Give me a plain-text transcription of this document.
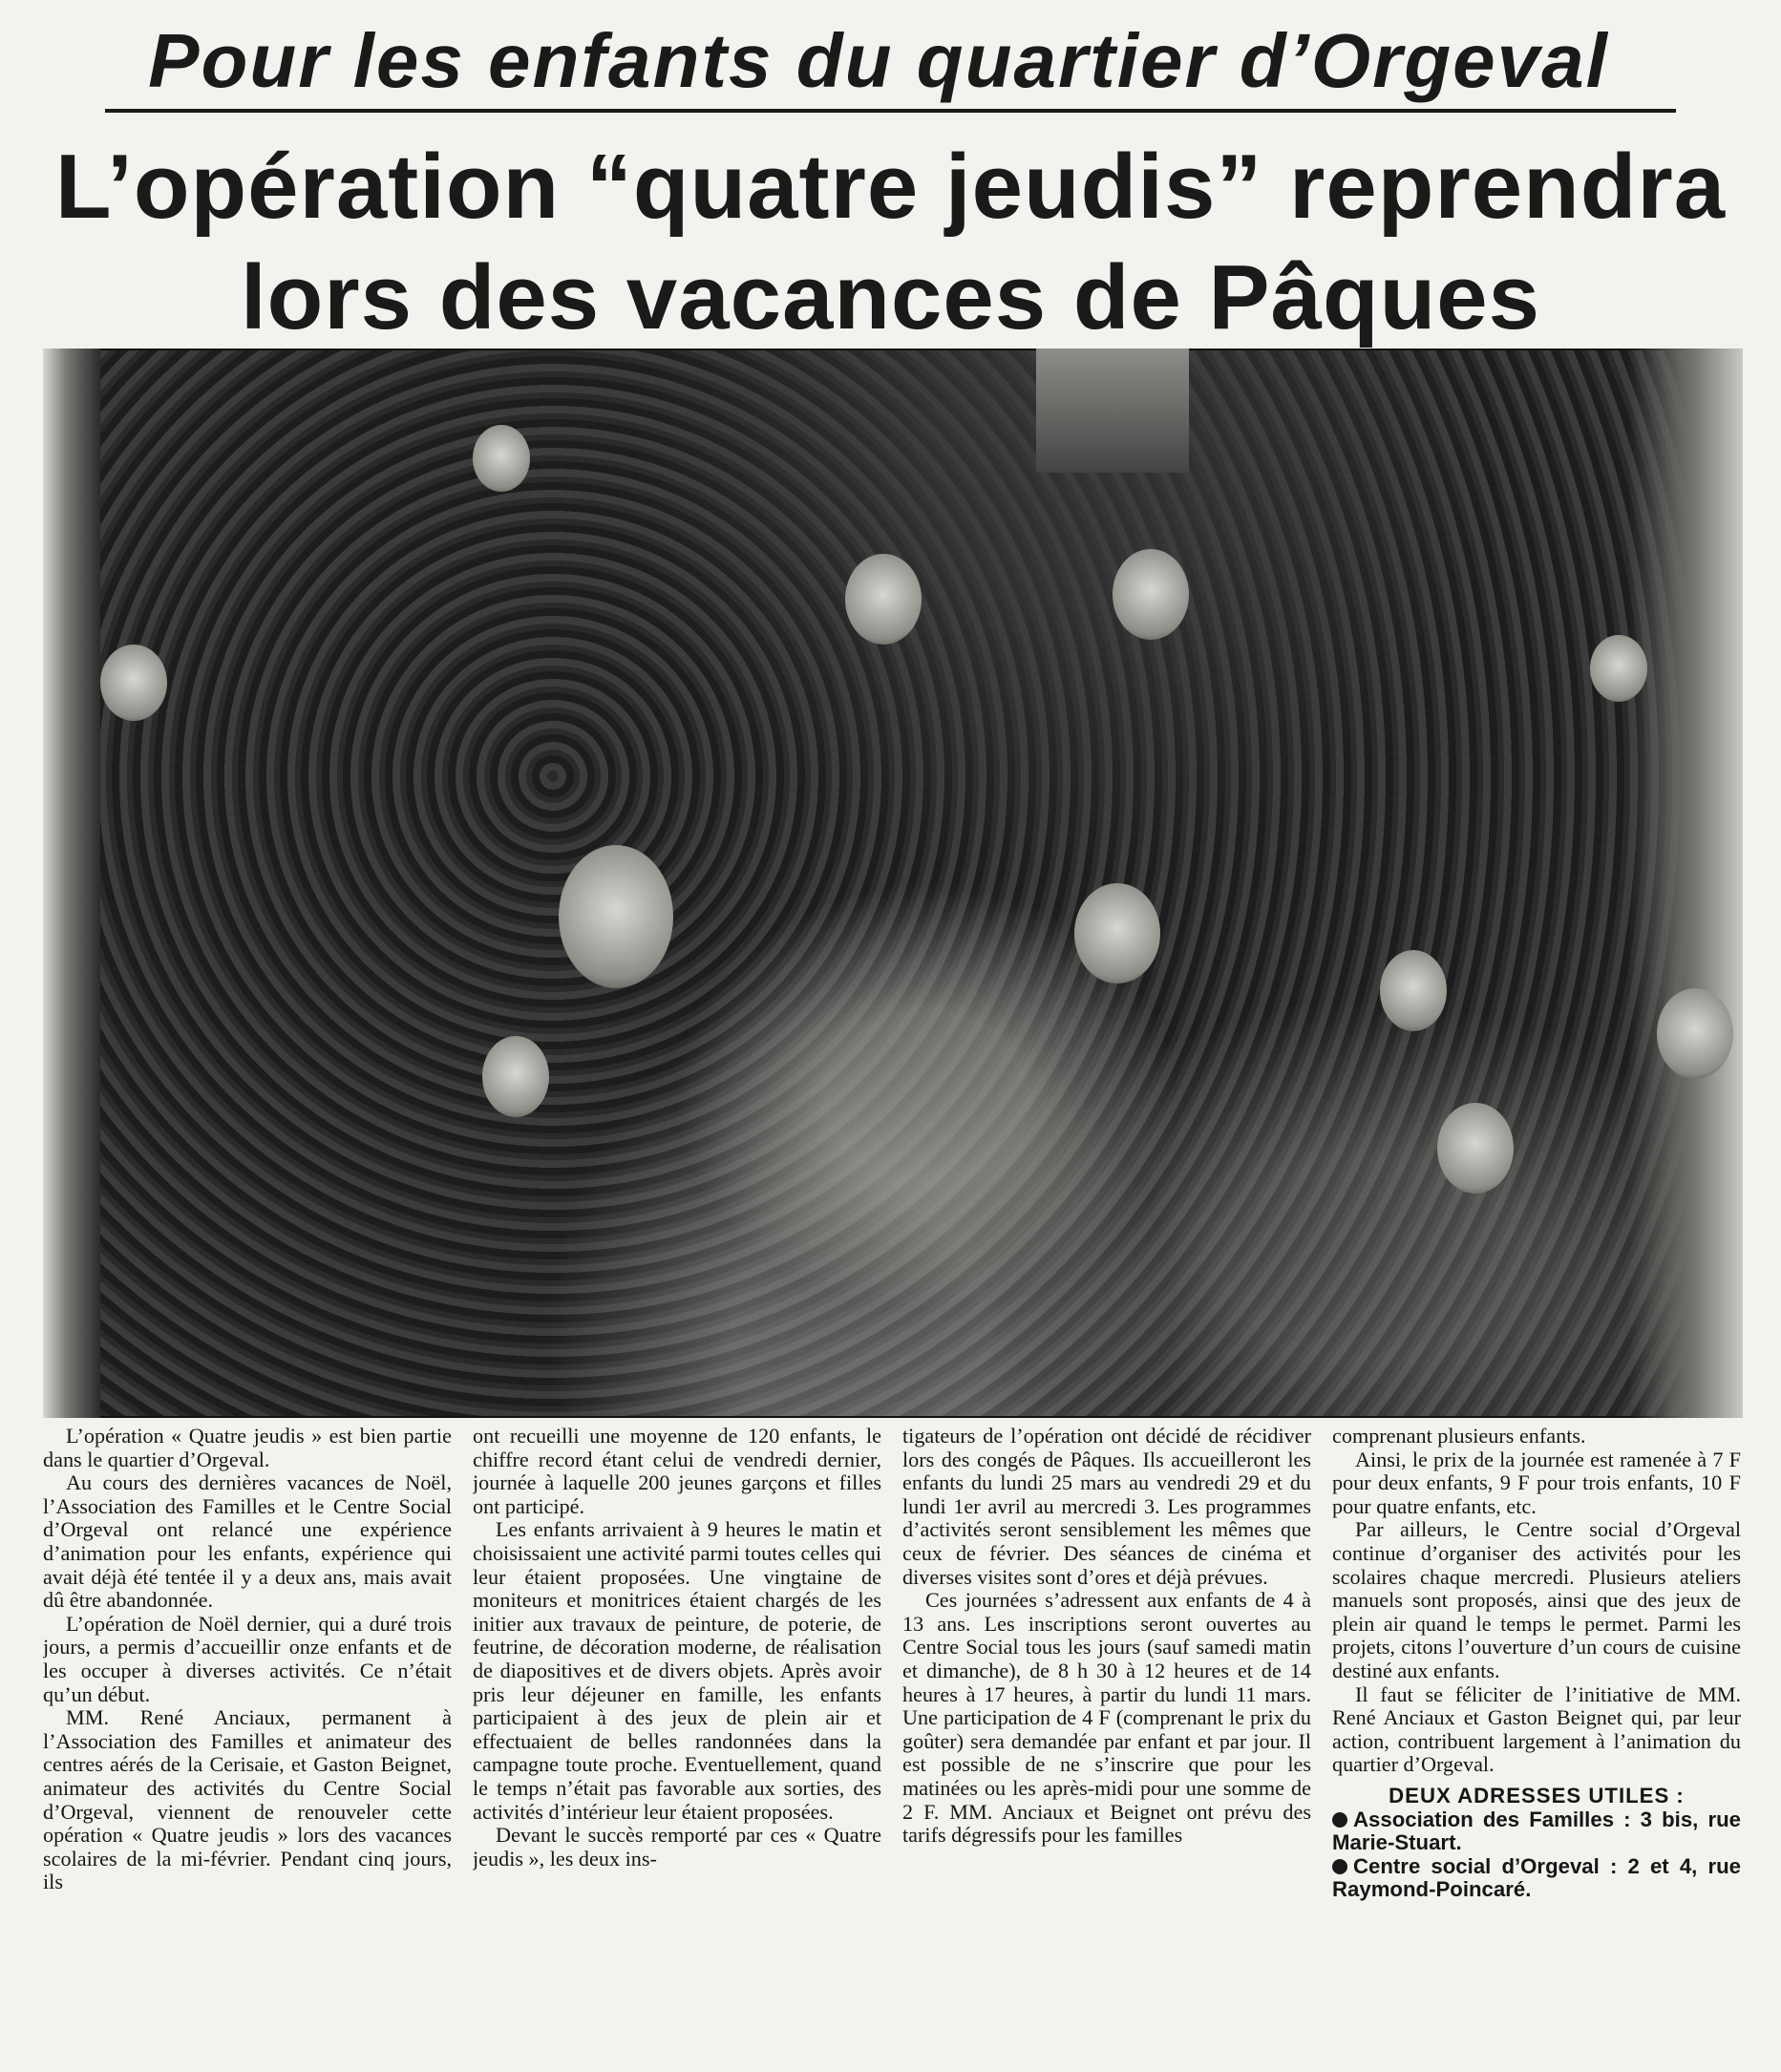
Pour les enfants du quartier d’Orgeval
L’opération “quatre jeudis” reprendra
lors des vacances de Pâques

L’opération « Quatre jeudis » est bien partie dans le quartier d’Orgeval.

Au cours des dernières vacances de Noël, l’Association des Familles et le Centre Social d’Orgeval ont relancé une expérience d’animation pour les enfants, expérience qui avait déjà été tentée il y a deux ans, mais avait dû être abandonnée.

L’opération de Noël dernier, qui a duré trois jours, a permis d’accueillir onze enfants et de les occuper à diverses activités. Ce n’était qu’un début.

MM. René Anciaux, permanent à l’Association des Familles et animateur des centres aérés de la Cerisaie, et Gaston Beignet, animateur des activités du Centre Social d’Orgeval, viennent de renouveler cette opération « Quatre jeudis » lors des vacances scolaires de la mi-février. Pendant cinq jours, ils

ont recueilli une moyenne de 120 enfants, le chiffre record étant celui de vendredi dernier, journée à laquelle 200 jeunes garçons et filles ont participé.

Les enfants arrivaient à 9 heures le matin et choisissaient une activité parmi toutes celles qui leur étaient proposées. Une vingtaine de moniteurs et monitrices étaient chargés de les initier aux travaux de peinture, de poterie, de feutrine, de décoration moderne, de réalisation de diapositives et de divers objets. Après avoir pris leur déjeuner en famille, les enfants participaient à des jeux de plein air et effectuaient de belles randonnées dans la campagne toute proche. Eventuellement, quand le temps n’était pas favorable aux sorties, des activités d’intérieur leur étaient proposées.

Devant le succès remporté par ces « Quatre jeudis », les deux ins-

tigateurs de l’opération ont décidé de récidiver lors des congés de Pâques. Ils accueilleront les enfants du lundi 25 mars au vendredi 29 et du lundi 1er avril au mercredi 3. Les programmes d’activités seront sensiblement les mêmes que ceux de février. Des séances de cinéma et diverses visites sont d’ores et déjà prévues.

Ces journées s’adressent aux enfants de 4 à 13 ans. Les inscriptions seront ouvertes au Centre Social tous les jours (sauf samedi matin et dimanche), de 8 h 30 à 12 heures et de 14 heures à 17 heures, à partir du lundi 11 mars. Une participation de 4 F (comprenant le prix du goûter) sera demandée par enfant et par jour. Il est possible de ne s’inscrire que pour les matinées ou les après-midi pour une somme de 2 F. MM. Anciaux et Beignet ont prévu des tarifs dégressifs pour les familles

comprenant plusieurs enfants.

Ainsi, le prix de la journée est ramenée à 7 F pour deux enfants, 9 F pour trois enfants, 10 F pour quatre enfants, etc.

Par ailleurs, le Centre social d’Orgeval continue d’organiser des activités pour les scolaires chaque mercredi. Plusieurs ateliers manuels sont proposés, ainsi que des jeux de plein air quand le temps le permet. Parmi les projets, citons l’ouverture d’un cours de cuisine destiné aux enfants.

Il faut se féliciter de l’initiative de MM. René Anciaux et Gaston Beignet qui, par leur action, contribuent largement à l’animation du quartier d’Orgeval.

DEUX ADRESSES UTILES :

Association des Familles : 3 bis, rue Marie-Stuart.

Centre social d’Orgeval : 2 et 4, rue Raymond-Poincaré.
